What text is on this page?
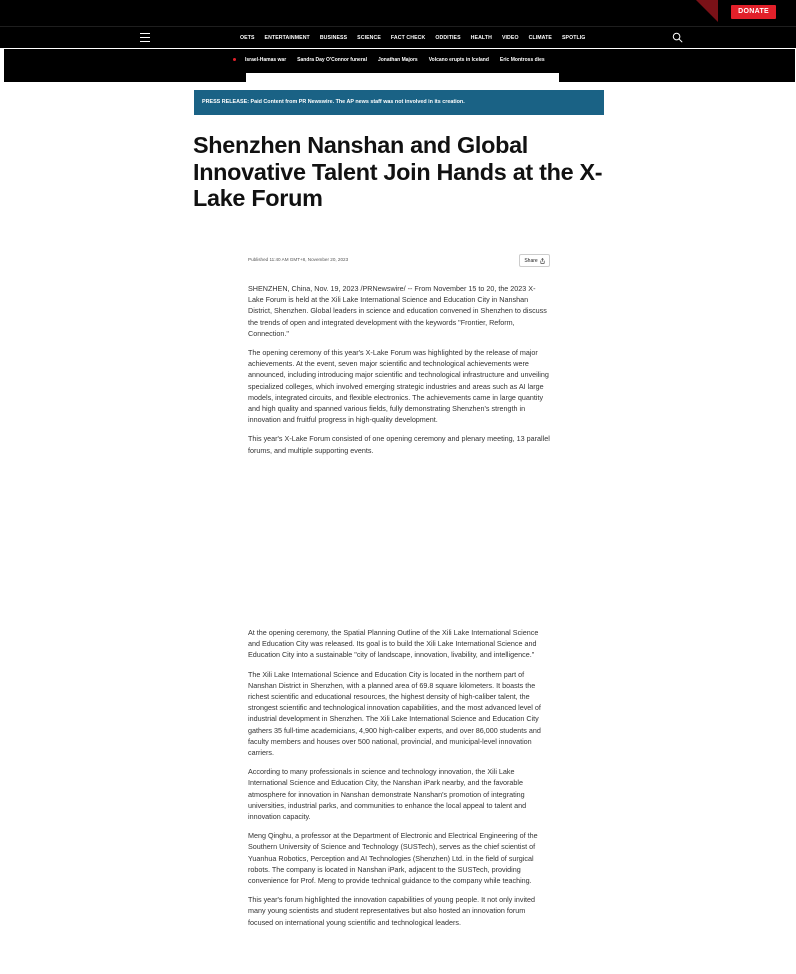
DONATE
OETS ENTERTAINMENT BUSINESS SCIENCE FACT CHECK ODDITIES HEALTH VIDEO CLIMATE SPOTLIG
Israel-Hamas war Sandra Day O'Connor funeral Jonathan Majors Volcano erupts in Iceland Eric Montross dies
PRESS RELEASE: Paid Content from PR Newswire. The AP news staff was not involved in its creation.
Shenzhen Nanshan and Global Innovative Talent Join Hands at the X-Lake Forum
Published 11:40 AM GMT+8, November 20, 2023	Share

SHENZHEN, China, Nov. 19, 2023 /PRNewswire/ -- From November 15 to 20, the 2023 X-Lake Forum is held at the Xili Lake International Science and Education City in Nanshan District, Shenzhen. Global leaders in science and education convened in Shenzhen to discuss the trends of open and integrated development with the keywords "Frontier, Reform, Connection."

The opening ceremony of this year's X-Lake Forum was highlighted by the release of major achievements. At the event, seven major scientific and technological achievements were announced, including introducing major scientific and technological infrastructure and unveiling specialized colleges, which involved emerging strategic industries and areas such as AI large models, integrated circuits, and flexible electronics. The achievements came in large quantity and high quality and spanned various fields, fully demonstrating Shenzhen's strength in innovation and fruitful progress in high-quality development.

This year's X-Lake Forum consisted of one opening ceremony and plenary meeting, 13 parallel forums, and multiple supporting events.

At the opening ceremony, the Spatial Planning Outline of the Xili Lake International Science and Education City was released. Its goal is to build the Xili Lake International Science and Education City into a sustainable "city of landscape, innovation, livability, and intelligence."

The Xili Lake International Science and Education City is located in the northern part of Nanshan District in Shenzhen, with a planned area of 69.8 square kilometers. It boasts the richest scientific and educational resources, the highest density of high-caliber talent, the strongest scientific and technological innovation capabilities, and the most advanced level of industrial development in Shenzhen. The Xili Lake International Science and Education City gathers 35 full-time academicians, 4,900 high-caliber experts, and over 86,000 students and faculty members and houses over 500 national, provincial, and municipal-level innovation carriers.

According to many professionals in science and technology innovation, the Xili Lake International Science and Education City, the Nanshan iPark nearby, and the favorable atmosphere for innovation in Nanshan demonstrate Nanshan's promotion of integrating universities, industrial parks, and communities to enhance the local appeal to talent and innovation capacity.

Meng Qinghu, a professor at the Department of Electronic and Electrical Engineering of the Southern University of Science and Technology (SUSTech), serves as the chief scientist of Yuanhua Robotics, Perception and AI Technologies (Shenzhen) Ltd. in the field of surgical robots. The company is located in Nanshan iPark, adjacent to the SUSTech, providing convenience for Prof. Meng to provide technical guidance to the company while teaching.

This year's forum highlighted the innovation capabilities of young people. It not only invited many young scientists and student representatives but also hosted an innovation forum focused on international young scientific and technological leaders.
